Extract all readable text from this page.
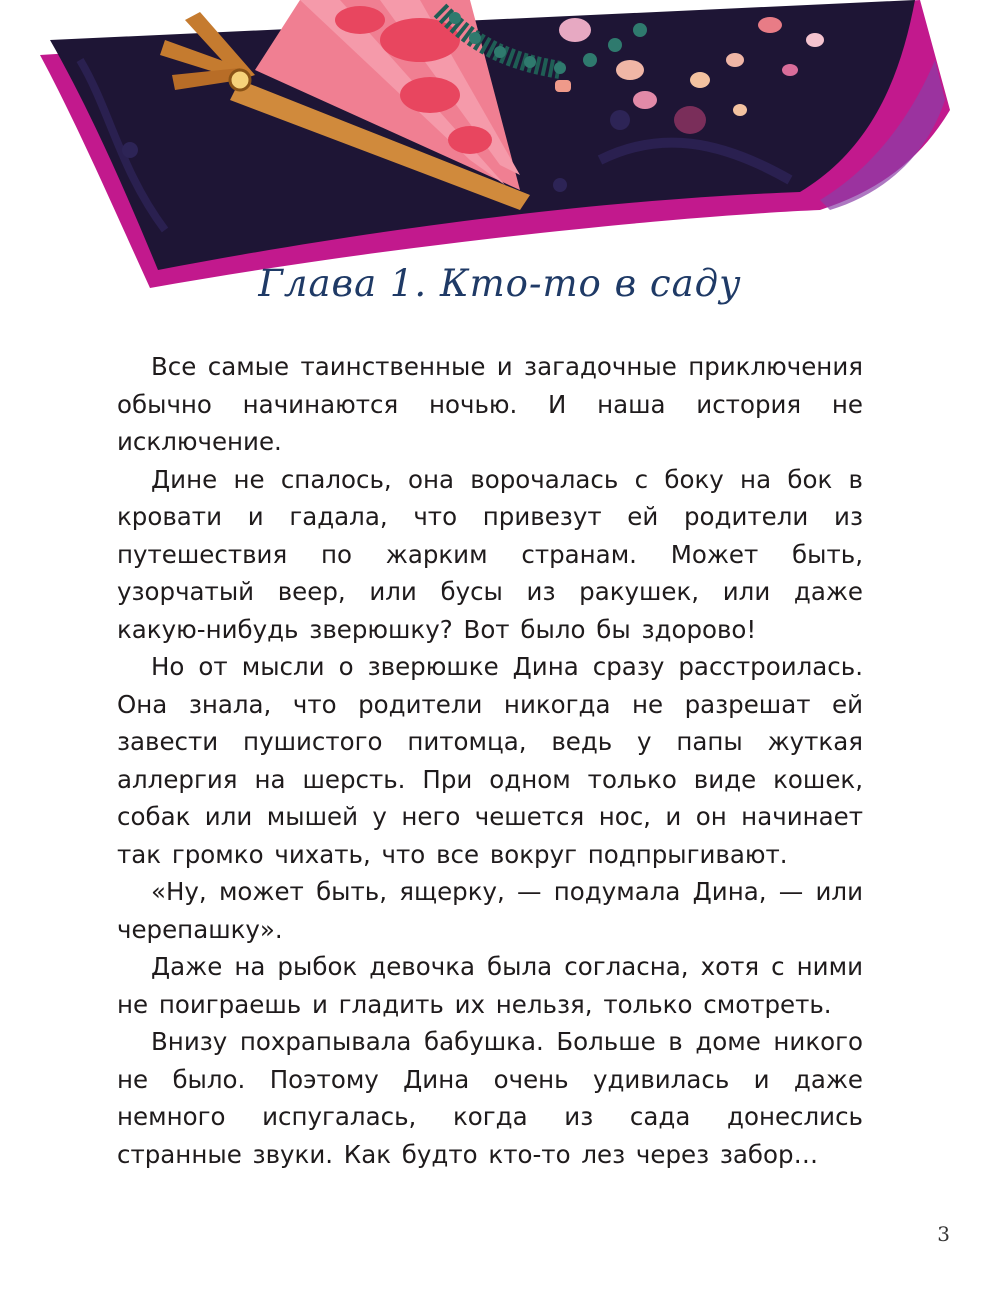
Глава 1. Кто-то в саду

Все самые таинственные и загадочные приключения обычно начинаются ночью. И наша история не исключение.

Дине не спалось, она ворочалась с боку на бок в кровати и гадала, что привезут ей родители из путешествия по жарким странам. Может быть, узорчатый веер, или бусы из ракушек, или даже какую-нибудь зверюшку? Вот было бы здорово!

Но от мысли о зверюшке Дина сразу расстроилась. Она знала, что родители никогда не разрешат ей завести пушистого питомца, ведь у папы жуткая аллергия на шерсть. При одном только виде кошек, собак или мышей у него чешется нос, и он начинает так громко чихать, что все вокруг подпрыгивают.

«Ну, может быть, ящерку, — подумала Дина, — или черепашку».

Даже на рыбок девочка была согласна, хотя с ними не поиграешь и гладить их нельзя, только смотреть.

Внизу похрапывала бабушка. Больше в доме никого не было. Поэтому Дина очень удивилась и даже немного испугалась, когда из сада донеслись странные звуки. Как будто кто-то лез через забор…

3
